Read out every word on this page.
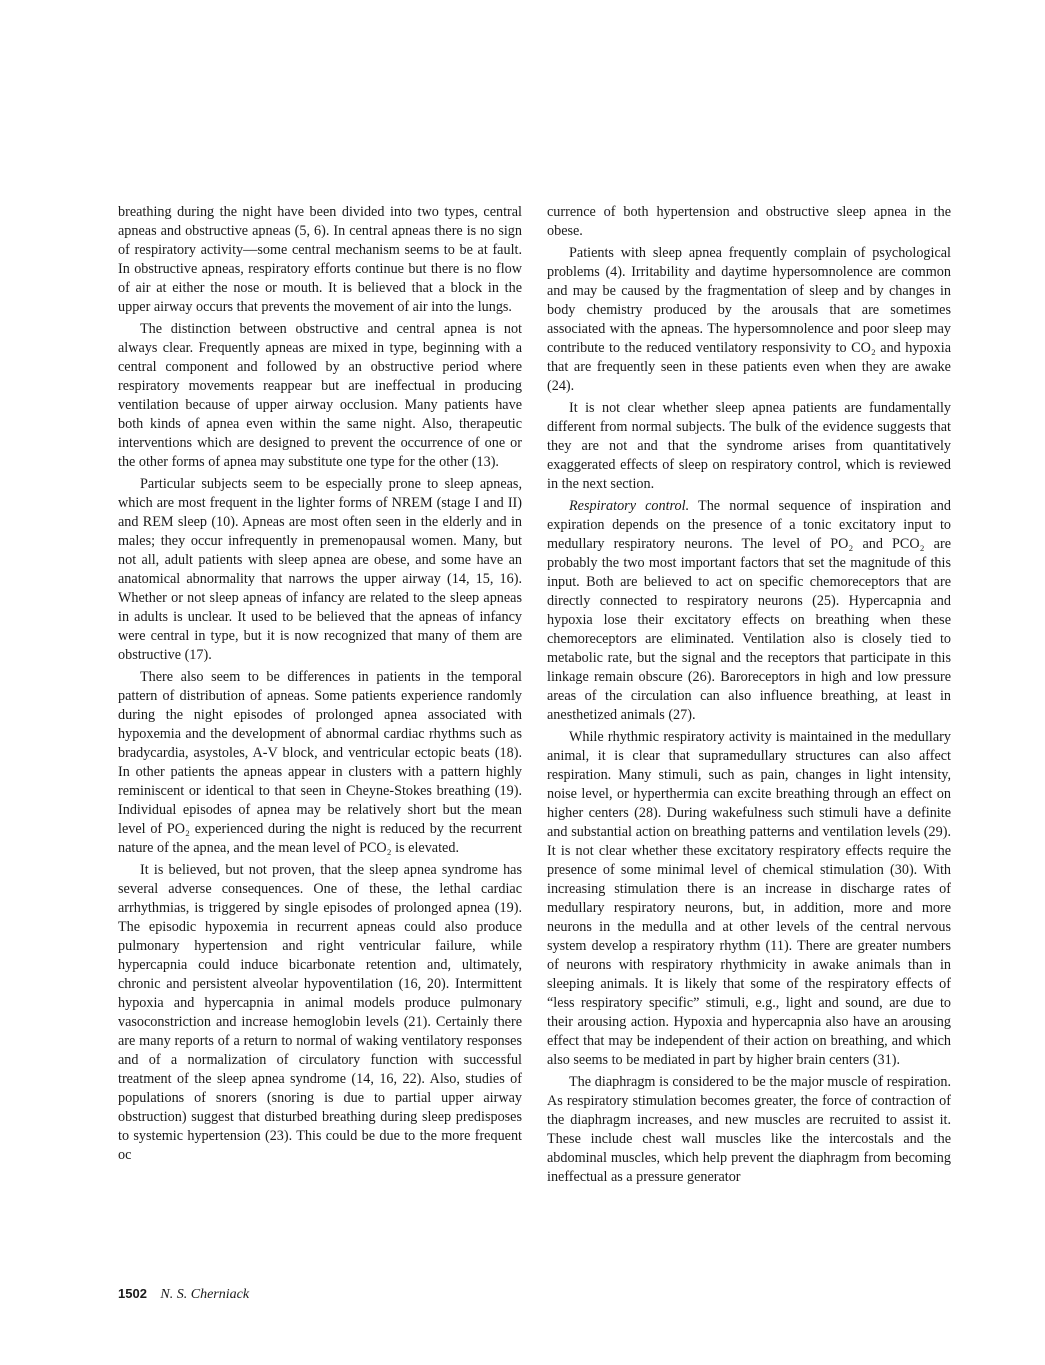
breathing during the night have been divided into two types, central apneas and obstructive apneas (5, 6). In central apneas there is no sign of respiratory activity—some central mechanism seems to be at fault. In obstructive apneas, respiratory efforts continue but there is no flow of air at either the nose or mouth. It is believed that a block in the upper airway occurs that prevents the movement of air into the lungs.

The distinction between obstructive and central apnea is not always clear. Frequently apneas are mixed in type, beginning with a central component and followed by an obstructive period where respiratory movements reappear but are ineffectual in producing ventilation because of upper airway occlusion. Many patients have both kinds of apnea even within the same night. Also, therapeutic interventions which are designed to prevent the occurrence of one or the other forms of apnea may substitute one type for the other (13).

Particular subjects seem to be especially prone to sleep apneas, which are most frequent in the lighter forms of NREM (stage I and II) and REM sleep (10). Apneas are most often seen in the elderly and in males; they occur infrequently in premenopausal women. Many, but not all, adult patients with sleep apnea are obese, and some have an anatomical abnormality that narrows the upper airway (14, 15, 16). Whether or not sleep apneas of infancy are related to the sleep apneas in adults is unclear. It used to be believed that the apneas of infancy were central in type, but it is now recognized that many of them are obstructive (17).

There also seem to be differences in patients in the temporal pattern of distribution of apneas. Some patients experience randomly during the night episodes of prolonged apnea associated with hypoxemia and the development of abnormal cardiac rhythms such as bradycardia, asystoles, A-V block, and ventricular ectopic beats (18). In other patients the apneas appear in clusters with a pattern highly reminiscent or identical to that seen in Cheyne-Stokes breathing (19). Individual episodes of apnea may be relatively short but the mean level of PO₂ experienced during the night is reduced by the recurrent nature of the apnea, and the mean level of PCO₂ is elevated.

It is believed, but not proven, that the sleep apnea syndrome has several adverse consequences. One of these, the lethal cardiac arrhythmias, is triggered by single episodes of prolonged apnea (19). The episodic hypoxemia in recurrent apneas could also produce pulmonary hypertension and right ventricular failure, while hypercapnia could induce bicarbonate retention and, ultimately, chronic and persistent alveolar hypoventilation (16, 20). Intermittent hypoxia and hypercapnia in animal models produce pulmonary vasoconstriction and increase hemoglobin levels (21). Certainly there are many reports of a return to normal of waking ventilatory responses and of a normalization of circulatory function with successful treatment of the sleep apnea syndrome (14, 16, 22). Also, studies of populations of snorers (snoring is due to partial upper airway obstruction) suggest that disturbed breathing during sleep predisposes to systemic hypertension (23). This could be due to the more frequent oc

currence of both hypertension and obstructive sleep apnea in the obese.

Patients with sleep apnea frequently complain of psychological problems (4). Irritability and daytime hypersomnolence are common and may be caused by the fragmentation of sleep and by changes in body chemistry produced by the arousals that are sometimes associated with the apneas. The hypersomnolence and poor sleep may contribute to the reduced ventilatory responsivity to CO₂ and hypoxia that are frequently seen in these patients even when they are awake (24).

It is not clear whether sleep apnea patients are fundamentally different from normal subjects. The bulk of the evidence suggests that they are not and that the syndrome arises from quantitatively exaggerated effects of sleep on respiratory control, which is reviewed in the next section.

Respiratory control. The normal sequence of inspiration and expiration depends on the presence of a tonic excitatory input to medullary respiratory neurons. The level of PO₂ and PCO₂ are probably the two most important factors that set the magnitude of this input. Both are believed to act on specific chemoreceptors that are directly connected to respiratory neurons (25). Hypercapnia and hypoxia lose their excitatory effects on breathing when these chemoreceptors are eliminated. Ventilation also is closely tied to metabolic rate, but the signal and the receptors that participate in this linkage remain obscure (26). Baroreceptors in high and low pressure areas of the circulation can also influence breathing, at least in anesthetized animals (27).

While rhythmic respiratory activity is maintained in the medullary animal, it is clear that supramedullary structures can also affect respiration. Many stimuli, such as pain, changes in light intensity, noise level, or hyperthermia can excite breathing through an effect on higher centers (28). During wakefulness such stimuli have a definite and substantial action on breathing patterns and ventilation levels (29). It is not clear whether these excitatory respiratory effects require the presence of some minimal level of chemical stimulation (30). With increasing stimulation there is an increase in discharge rates of medullary respiratory neurons, but, in addition, more and more neurons in the medulla and at other levels of the central nervous system develop a respiratory rhythm (11). There are greater numbers of neurons with respiratory rhythmicity in awake animals than in sleeping animals. It is likely that some of the respiratory effects of “less respiratory specific” stimuli, e.g., light and sound, are due to their arousing action. Hypoxia and hypercapnia also have an arousing effect that may be independent of their action on breathing, and which also seems to be mediated in part by higher brain centers (31).

The diaphragm is considered to be the major muscle of respiration. As respiratory stimulation becomes greater, the force of contraction of the diaphragm increases, and new muscles are recruited to assist it. These include chest wall muscles like the intercostals and the abdominal muscles, which help prevent the diaphragm from becoming ineffectual as a pressure generator

1502 N. S. Cherniack
